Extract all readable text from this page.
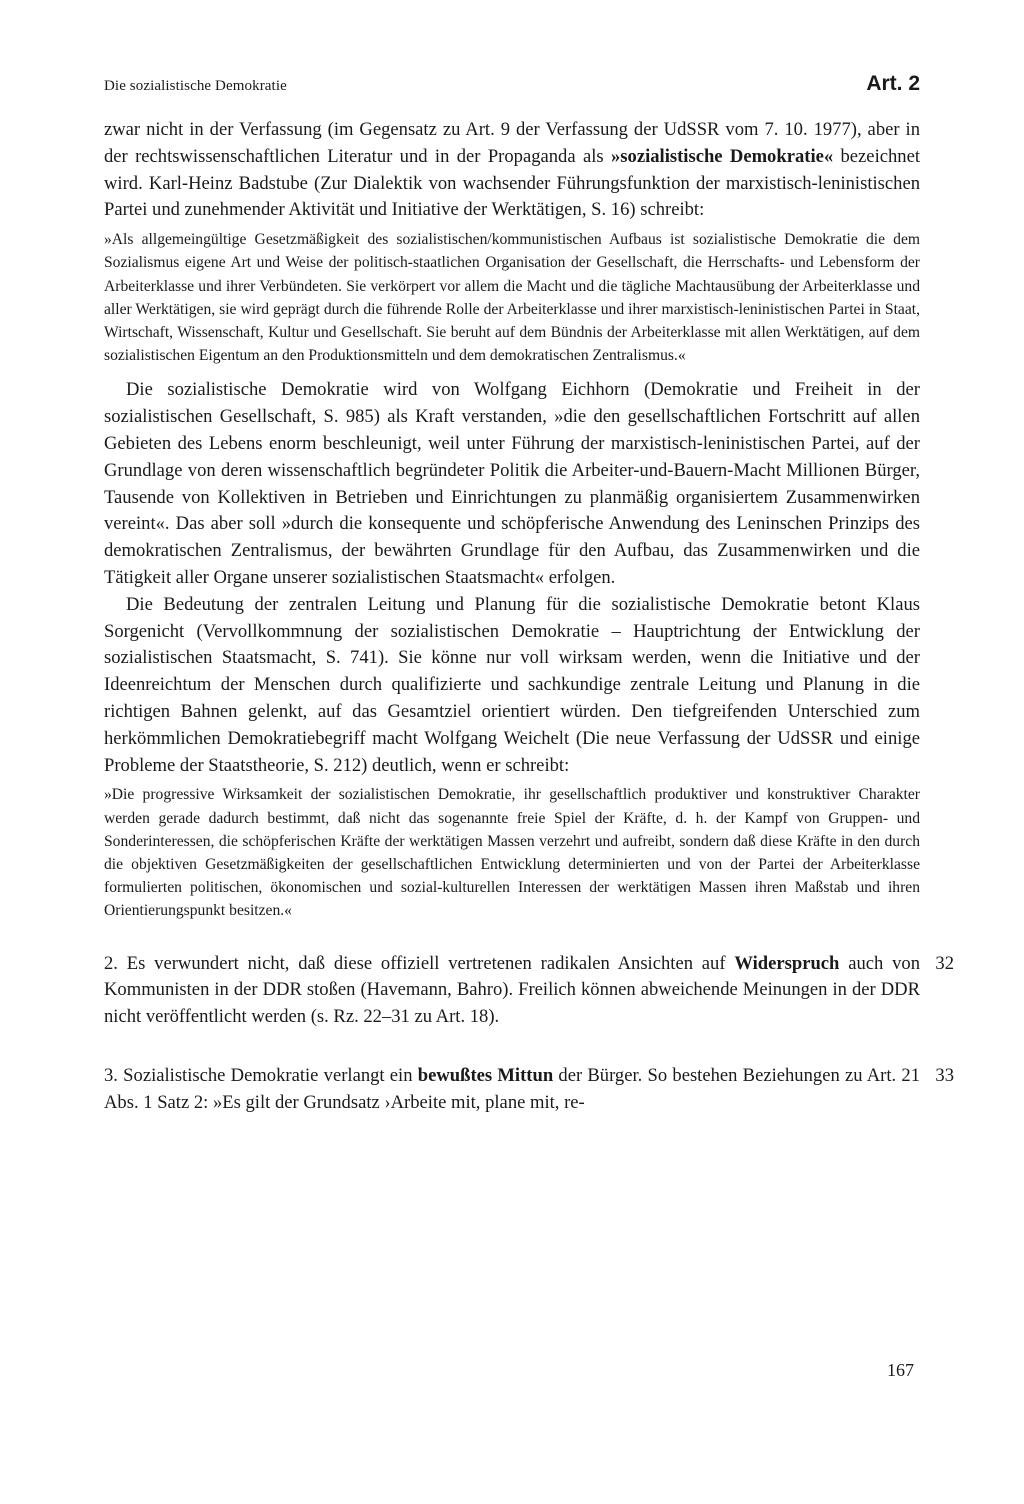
Die sozialistische Demokratie	Art. 2

zwar nicht in der Verfassung (im Gegensatz zu Art. 9 der Verfassung der UdSSR vom 7. 10. 1977), aber in der rechtswissenschaftlichen Literatur und in der Propaganda als »sozialistische Demokratie« bezeichnet wird. Karl-Heinz Badstube (Zur Dialektik von wachsender Führungsfunktion der marxistisch-leninistischen Partei und zunehmender Aktivität und Initiative der Werktätigen, S. 16) schreibt:

»Als allgemeingültige Gesetzmäßigkeit des sozialistischen/kommunistischen Aufbaus ist sozialistische Demokratie die dem Sozialismus eigene Art und Weise der politisch-staatlichen Organisation der Gesellschaft, die Herrschafts- und Lebensform der Arbeiterklasse und ihrer Verbündeten. Sie verkörpert vor allem die Macht und die tägliche Machtausübung der Arbeiterklasse und aller Werktätigen, sie wird geprägt durch die führende Rolle der Arbeiterklasse und ihrer marxistisch-leninistischen Partei in Staat, Wirtschaft, Wissenschaft, Kultur und Gesellschaft. Sie beruht auf dem Bündnis der Arbeiterklasse mit allen Werktätigen, auf dem sozialistischen Eigentum an den Produktionsmitteln und dem demokratischen Zentralismus.«

Die sozialistische Demokratie wird von Wolfgang Eichhorn (Demokratie und Freiheit in der sozialistischen Gesellschaft, S. 985) als Kraft verstanden, »die den gesellschaftlichen Fortschritt auf allen Gebieten des Lebens enorm beschleunigt, weil unter Führung der marxistisch-leninistischen Partei, auf der Grundlage von deren wissenschaftlich begründeter Politik die Arbeiter-und-Bauern-Macht Millionen Bürger, Tausende von Kollektiven in Betrieben und Einrichtungen zu planmäßig organisiertem Zusammenwirken vereint«. Das aber soll »durch die konsequente und schöpferische Anwendung des Leninschen Prinzips des demokratischen Zentralismus, der bewährten Grundlage für den Aufbau, das Zusammenwirken und die Tätigkeit aller Organe unserer sozialistischen Staatsmacht« erfolgen.

Die Bedeutung der zentralen Leitung und Planung für die sozialistische Demokratie betont Klaus Sorgenicht (Vervollkommnung der sozialistischen Demokratie – Hauptrichtung der Entwicklung der sozialistischen Staatsmacht, S. 741). Sie könne nur voll wirksam werden, wenn die Initiative und der Ideenreichtum der Menschen durch qualifizierte und sachkundige zentrale Leitung und Planung in die richtigen Bahnen gelenkt, auf das Gesamtziel orientiert würden. Den tiefgreifenden Unterschied zum herkömmlichen Demokratiebegriff macht Wolfgang Weichelt (Die neue Verfassung der UdSSR und einige Probleme der Staatstheorie, S. 212) deutlich, wenn er schreibt:

»Die progressive Wirksamkeit der sozialistischen Demokratie, ihr gesellschaftlich produktiver und konstruktiver Charakter werden gerade dadurch bestimmt, daß nicht das sogenannte freie Spiel der Kräfte, d. h. der Kampf von Gruppen- und Sonderinteressen, die schöpferischen Kräfte der werktätigen Massen verzehrt und aufreibt, sondern daß diese Kräfte in den durch die objektiven Gesetzmäßigkeiten der gesellschaftlichen Entwicklung determinierten und von der Partei der Arbeiterklasse formulierten politischen, ökonomischen und sozial-kulturellen Interessen der werktätigen Massen ihren Maßstab und ihren Orientierungspunkt besitzen.«

32
2. Es verwundert nicht, daß diese offiziell vertretenen radikalen Ansichten auf Widerspruch auch von Kommunisten in der DDR stoßen (Havemann, Bahro). Freilich können abweichende Meinungen in der DDR nicht veröffentlicht werden (s. Rz. 22–31 zu Art. 18).

33
3. Sozialistische Demokratie verlangt ein bewußtes Mittun der Bürger. So bestehen Beziehungen zu Art. 21 Abs. 1 Satz 2: »Es gilt der Grundsatz ›Arbeite mit, plane mit, re-

167
